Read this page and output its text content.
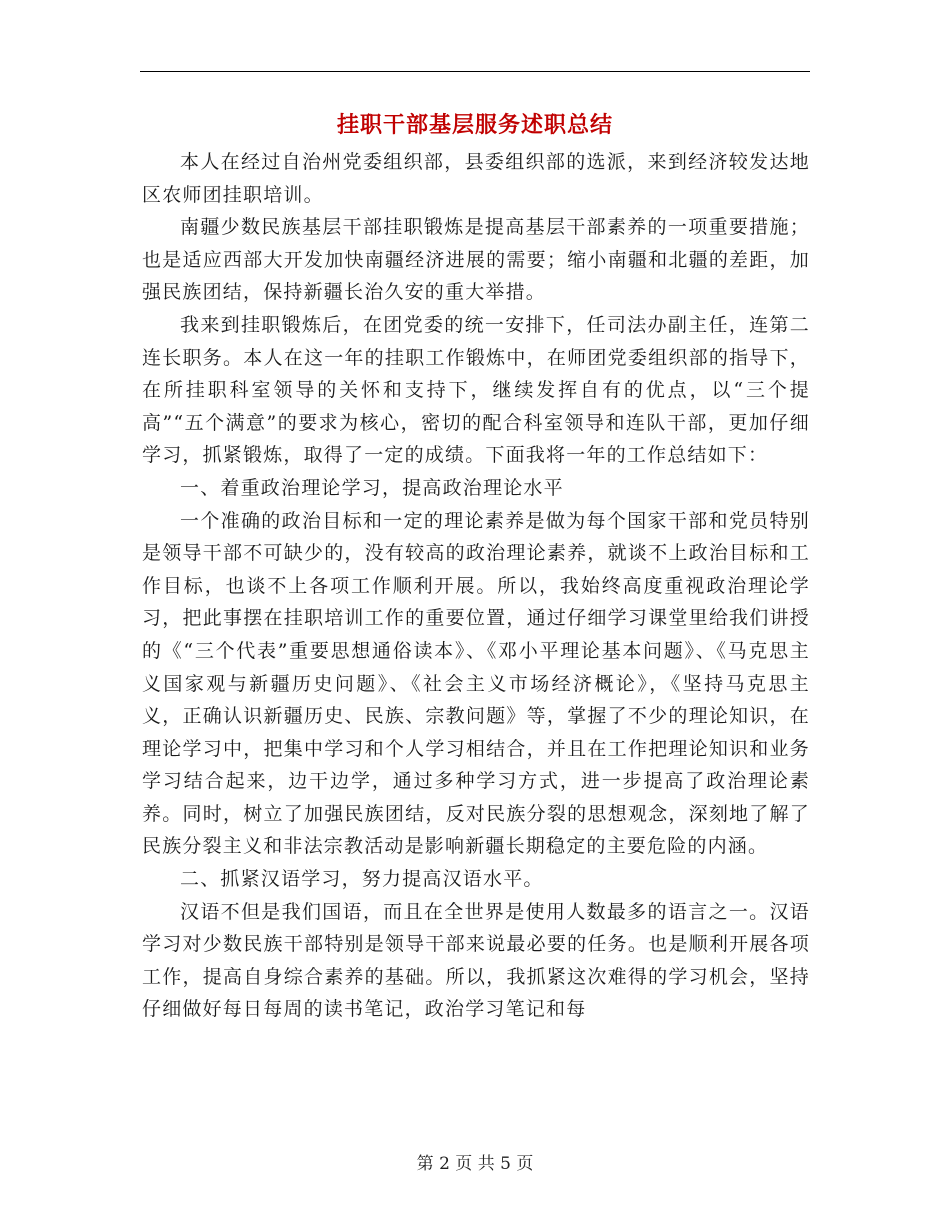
挂职干部基层服务述职总结

本人在经过自治州党委组织部，县委组织部的选派，来到经济较发达地区农师团挂职培训。

南疆少数民族基层干部挂职锻炼是提高基层干部素养的一项重要措施；也是适应西部大开发加快南疆经济进展的需要；缩小南疆和北疆的差距，加强民族团结，保持新疆长治久安的重大举措。

我来到挂职锻炼后，在团党委的统一安排下，任司法办副主任，连第二连长职务。本人在这一年的挂职工作锻炼中，在师团党委组织部的指导下，在所挂职科室领导的关怀和支持下，继续发挥自有的优点，以“三个提高”“五个满意”的要求为核心，密切的配合科室领导和连队干部，更加仔细学习，抓紧锻炼，取得了一定的成绩。下面我将一年的工作总结如下：

一、着重政治理论学习，提高政治理论水平

一个准确的政治目标和一定的理论素养是做为每个国家干部和党员特别是领导干部不可缺少的，没有较高的政治理论素养，就谈不上政治目标和工作目标，也谈不上各项工作顺利开展。所以，我始终高度重视政治理论学习，把此事摆在挂职培训工作的重要位置，通过仔细学习课堂里给我们讲授的《“三个代表”重要思想通俗读本》、《邓小平理论基本问题》、《马克思主义国家观与新疆历史问题》、《社会主义市场经济概论》，《坚持马克思主义，正确认识新疆历史、民族、宗教问题》等，掌握了不少的理论知识，在理论学习中，把集中学习和个人学习相结合，并且在工作把理论知识和业务学习结合起来，边干边学，通过多种学习方式，进一步提高了政治理论素养。同时，树立了加强民族团结，反对民族分裂的思想观念，深刻地了解了民族分裂主义和非法宗教活动是影响新疆长期稳定的主要危险的内涵。

二、抓紧汉语学习，努力提高汉语水平。

汉语不但是我们国语，而且在全世界是使用人数最多的语言之一。汉语学习对少数民族干部特别是领导干部来说最必要的任务。也是顺利开展各项工作，提高自身综合素养的基础。所以，我抓紧这次难得的学习机会，坚持仔细做好每日每周的读书笔记，政治学习笔记和每

第 2 页 共 5 页
